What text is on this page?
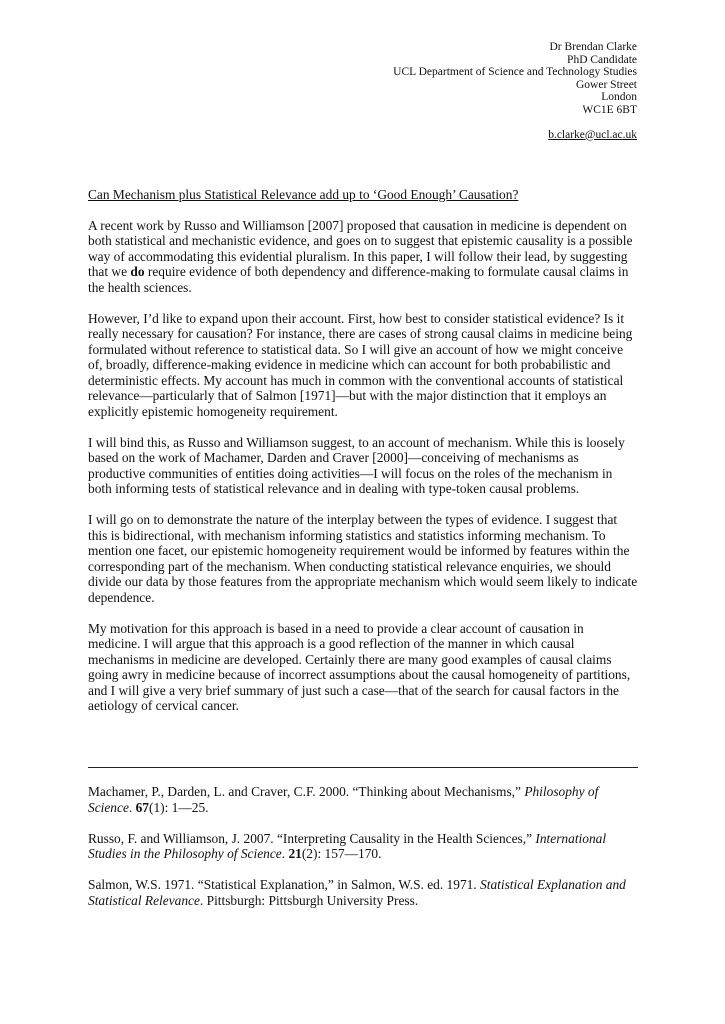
Dr Brendan Clarke
PhD Candidate
UCL Department of Science and Technology Studies
Gower Street
London
WC1E 6BT
b.clarke@ucl.ac.uk
Can Mechanism plus Statistical Relevance add up to ‘Good Enough’ Causation?

A recent work by Russo and Williamson [2007] proposed that causation in medicine is dependent on both statistical and mechanistic evidence, and goes on to suggest that epistemic causality is a possible way of accommodating this evidential pluralism. In this paper, I will follow their lead, by suggesting that we do require evidence of both dependency and difference-making to formulate causal claims in the health sciences.

However, I’d like to expand upon their account. First, how best to consider statistical evidence? Is it really necessary for causation? For instance, there are cases of strong causal claims in medicine being formulated without reference to statistical data. So I will give an account of how we might conceive of, broadly, difference-making evidence in medicine which can account for both probabilistic and deterministic effects. My account has much in common with the conventional accounts of statistical relevance—particularly that of Salmon [1971]—but with the major distinction that it employs an explicitly epistemic homogeneity requirement.

I will bind this, as Russo and Williamson suggest, to an account of mechanism. While this is loosely based on the work of Machamer, Darden and Craver [2000]—conceiving of mechanisms as productive communities of entities doing activities—I will focus on the roles of the mechanism in both informing tests of statistical relevance and in dealing with type-token causal problems.

I will go on to demonstrate the nature of the interplay between the types of evidence. I suggest that this is bidirectional, with mechanism informing statistics and statistics informing mechanism. To mention one facet, our epistemic homogeneity requirement would be informed by features within the corresponding part of the mechanism. When conducting statistical relevance enquiries, we should divide our data by those features from the appropriate mechanism which would seem likely to indicate dependence.

My motivation for this approach is based in a need to provide a clear account of causation in medicine. I will argue that this approach is a good reflection of the manner in which causal mechanisms in medicine are developed. Certainly there are many good examples of causal claims going awry in medicine because of incorrect assumptions about the causal homogeneity of partitions, and I will give a very brief summary of just such a case—that of the search for causal factors in the aetiology of cervical cancer.

Machamer, P., Darden, L. and Craver, C.F. 2000. “Thinking about Mechanisms,” Philosophy of Science. 67(1): 1—25.
Russo, F. and Williamson, J. 2007. “Interpreting Causality in the Health Sciences,” International Studies in the Philosophy of Science. 21(2): 157—170.
Salmon, W.S. 1971. “Statistical Explanation,” in Salmon, W.S. ed. 1971. Statistical Explanation and Statistical Relevance. Pittsburgh: Pittsburgh University Press.
